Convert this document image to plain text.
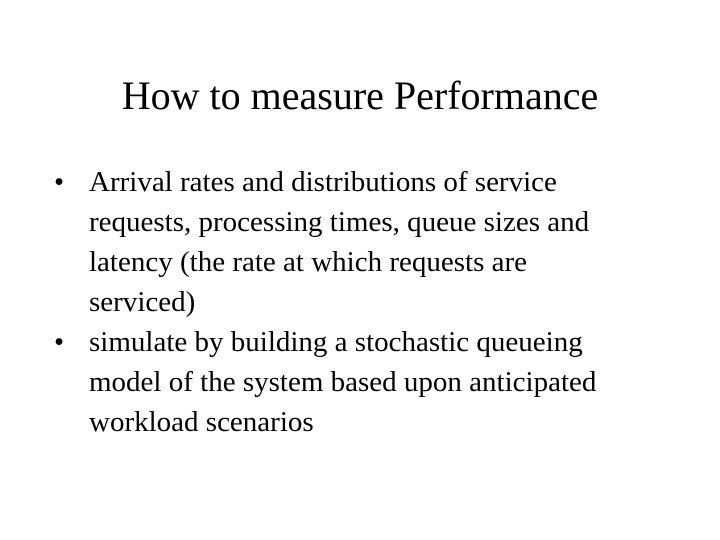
How to measure Performance
• Arrival rates and distributions of service
requests, processing times, queue sizes and
latency (the rate at which requests are
serviced)
• simulate by building a stochastic queueing
model of the system based upon anticipated
workload scenarios
